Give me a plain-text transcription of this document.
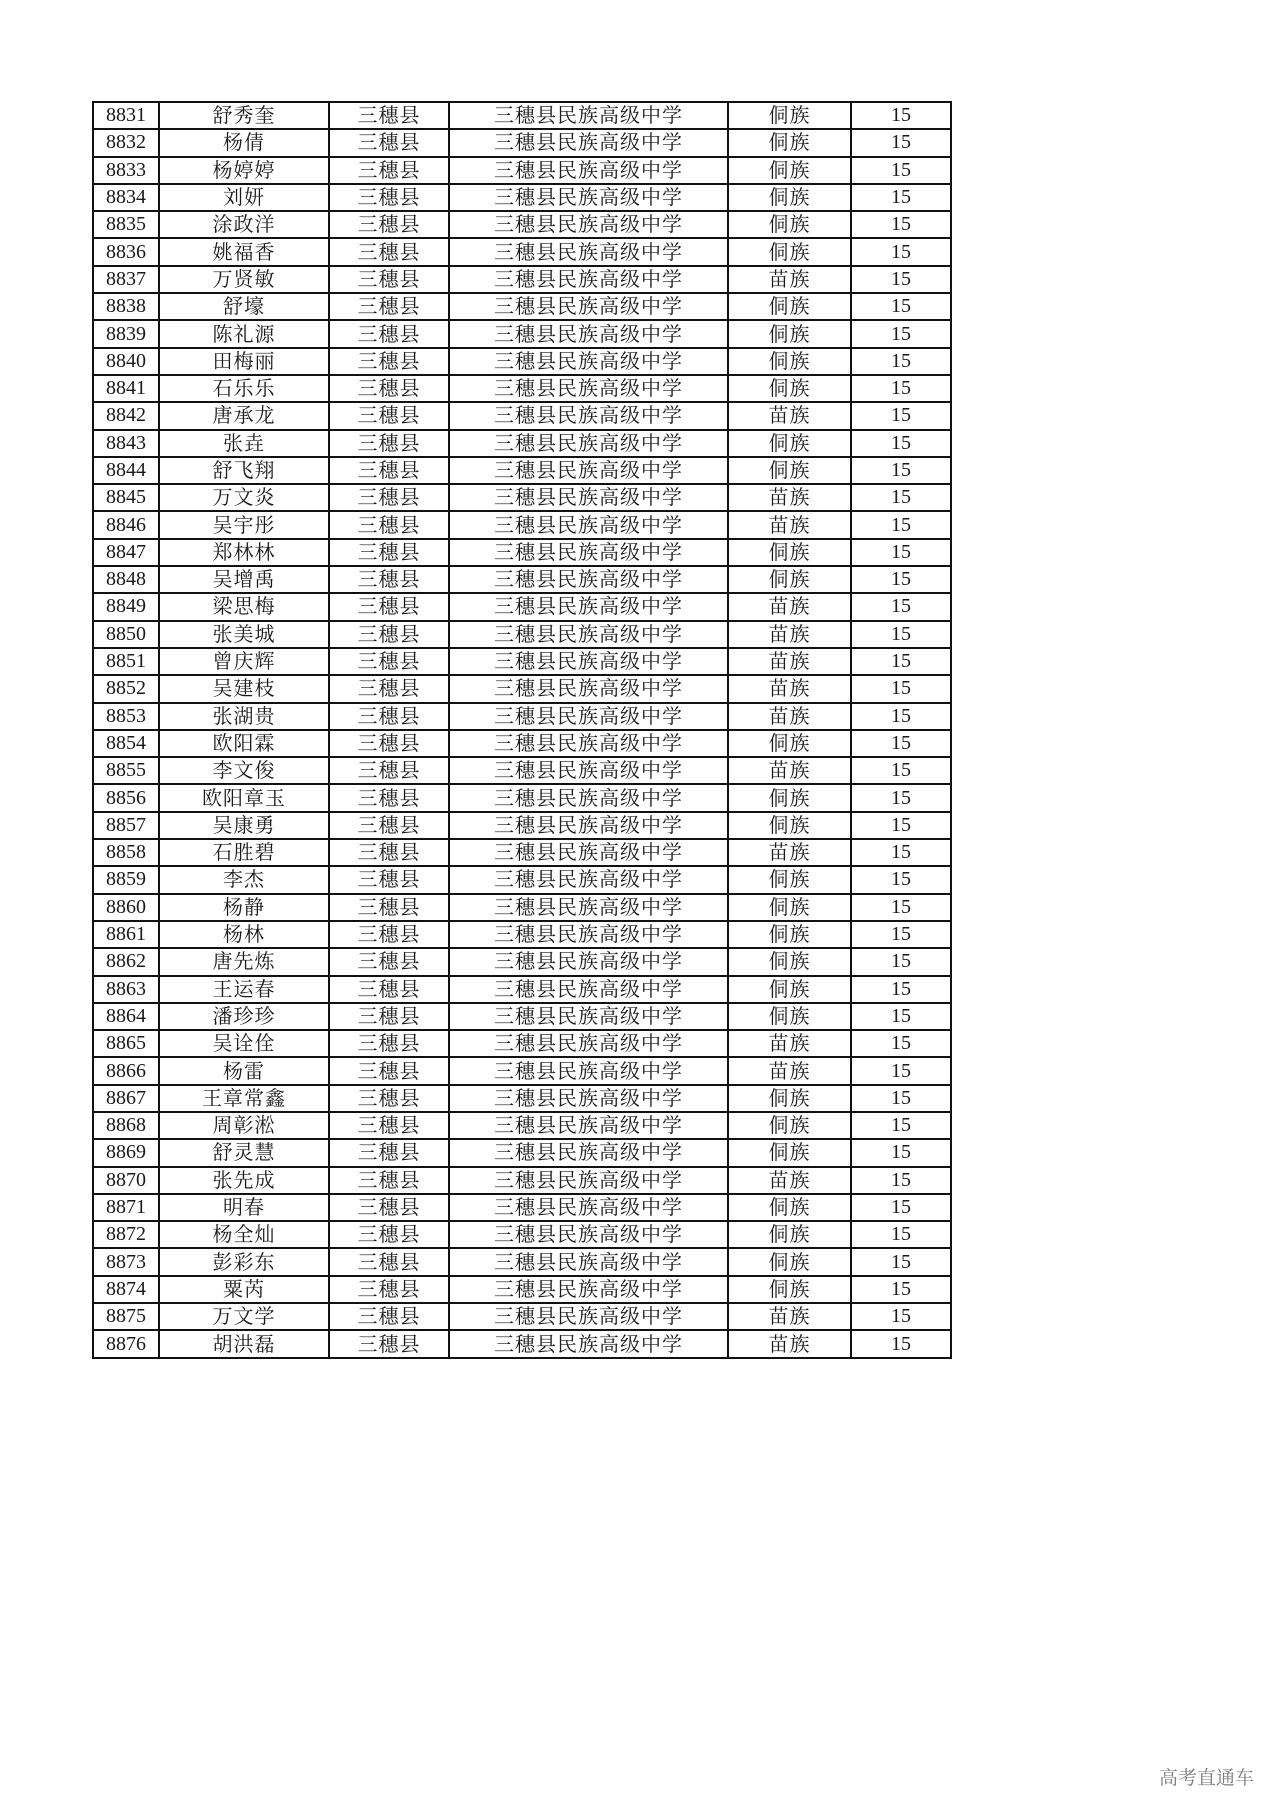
8831	舒秀奎	三穗县	三穗县民族高级中学	侗族	15
8832	杨倩	三穗县	三穗县民族高级中学	侗族	15
8833	杨婷婷	三穗县	三穗县民族高级中学	侗族	15
8834	刘妍	三穗县	三穗县民族高级中学	侗族	15
8835	涂政洋	三穗县	三穗县民族高级中学	侗族	15
8836	姚福香	三穗县	三穗县民族高级中学	侗族	15
8837	万贤敏	三穗县	三穗县民族高级中学	苗族	15
8838	舒壕	三穗县	三穗县民族高级中学	侗族	15
8839	陈礼源	三穗县	三穗县民族高级中学	侗族	15
8840	田梅丽	三穗县	三穗县民族高级中学	侗族	15
8841	石乐乐	三穗县	三穗县民族高级中学	侗族	15
8842	唐承龙	三穗县	三穗县民族高级中学	苗族	15
8843	张垚	三穗县	三穗县民族高级中学	侗族	15
8844	舒飞翔	三穗县	三穗县民族高级中学	侗族	15
8845	万文炎	三穗县	三穗县民族高级中学	苗族	15
8846	吴宇彤	三穗县	三穗县民族高级中学	苗族	15
8847	郑林林	三穗县	三穗县民族高级中学	侗族	15
8848	吴增禹	三穗县	三穗县民族高级中学	侗族	15
8849	梁思梅	三穗县	三穗县民族高级中学	苗族	15
8850	张美城	三穗县	三穗县民族高级中学	苗族	15
8851	曾庆辉	三穗县	三穗县民族高级中学	苗族	15
8852	吴建枝	三穗县	三穗县民族高级中学	苗族	15
8853	张湖贵	三穗县	三穗县民族高级中学	苗族	15
8854	欧阳霖	三穗县	三穗县民族高级中学	侗族	15
8855	李文俊	三穗县	三穗县民族高级中学	苗族	15
8856	欧阳章玉	三穗县	三穗县民族高级中学	侗族	15
8857	吴康勇	三穗县	三穗县民族高级中学	侗族	15
8858	石胜碧	三穗县	三穗县民族高级中学	苗族	15
8859	李杰	三穗县	三穗县民族高级中学	侗族	15
8860	杨静	三穗县	三穗县民族高级中学	侗族	15
8861	杨林	三穗县	三穗县民族高级中学	侗族	15
8862	唐先炼	三穗县	三穗县民族高级中学	侗族	15
8863	王运春	三穗县	三穗县民族高级中学	侗族	15
8864	潘珍珍	三穗县	三穗县民族高级中学	侗族	15
8865	吴诠佺	三穗县	三穗县民族高级中学	苗族	15
8866	杨雷	三穗县	三穗县民族高级中学	苗族	15
8867	王章常鑫	三穗县	三穗县民族高级中学	侗族	15
8868	周彰淞	三穗县	三穗县民族高级中学	侗族	15
8869	舒灵慧	三穗县	三穗县民族高级中学	侗族	15
8870	张先成	三穗县	三穗县民族高级中学	苗族	15
8871	明春	三穗县	三穗县民族高级中学	侗族	15
8872	杨全灿	三穗县	三穗县民族高级中学	侗族	15
8873	彭彩东	三穗县	三穗县民族高级中学	侗族	15
8874	粟芮	三穗县	三穗县民族高级中学	侗族	15
8875	万文学	三穗县	三穗县民族高级中学	苗族	15
8876	胡洪磊	三穗县	三穗县民族高级中学	苗族	15
高考直通车
